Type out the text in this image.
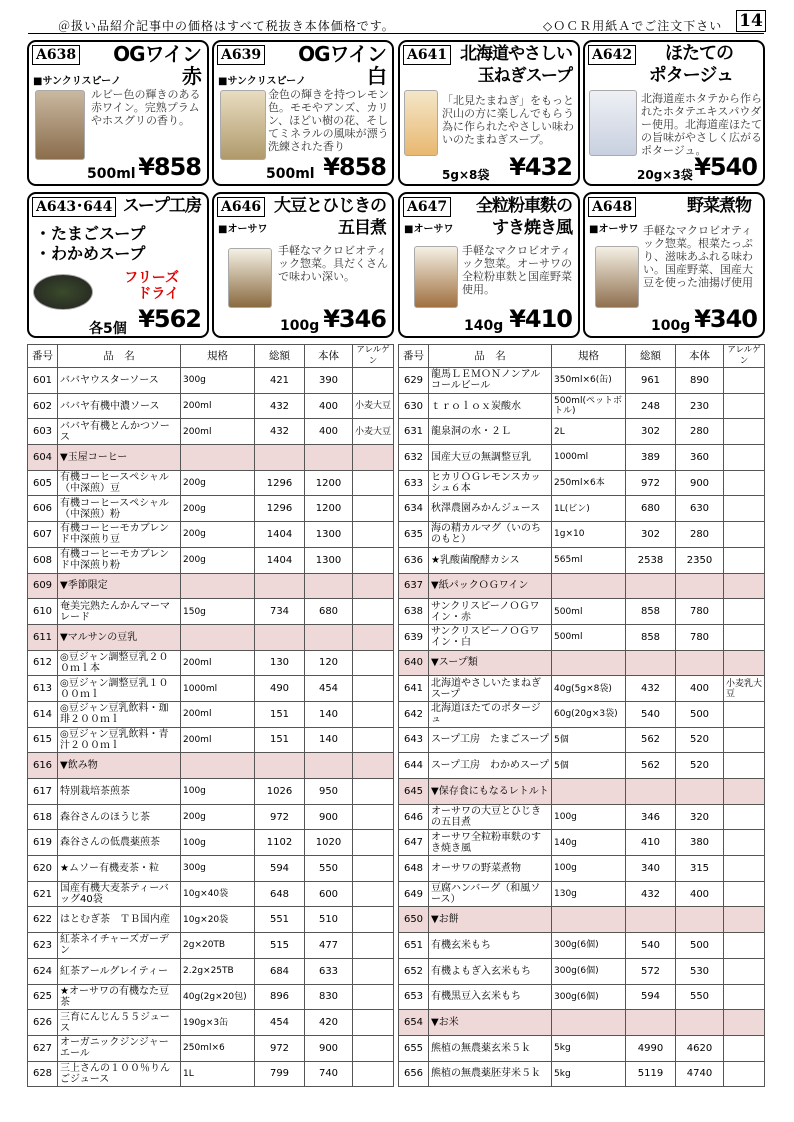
＠扱い品紹介記事中の価格はすべて税抜き本体価格です。	◇ＯＣＲ用紙Ａでご注文下さい 14
A638 OGワイン
赤
■サンクリスピーノ
ルビー色の輝きのある赤ワイン。完熟プラムやホスグリの香り。
500ml ¥858
A639 OGワイン
白
■サンクリスピーノ
金色の輝きを持つレモン色。モモやアンズ、カリン、ほどい樹の花、そしてミネラルの風味が漂う洗練された香り
500ml ¥858
A641 北海道やさしい
玉ねぎスープ
「北見たまねぎ」をもっと沢山の方に楽しんでもらう為に作られたやさしい味わいのたまねぎスープ。
5g×8袋 ¥432
A642	ほたての
ポタージュ
北海道産ホタテから作られたホタテエキスパウダー使用。北海道産ほたての旨味がやさしく広がるポタージュ。
20g×3袋 ¥540
A643･644 スープ工房
・たまごスープ
・わかめスープ
フリーズ
ドライ
各5個 ¥562
A646 大豆とひじきの
五目煮
■オーサワ
手軽なマクロビオティック惣菜。具だくさんで味わい深い。
100g ¥346
A647 全粒粉車麩の
すき焼き風
■オーサワ
手軽なマクロビオティック惣菜。オーサワの全粒粉車麩と国産野菜使用。
140g ¥410
A648	野菜煮物
■オーサワ 手軽なマクロビオティック惣菜。根菜たっぷり、滋味あふれる味わい。国産野菜、国産大豆を使った油揚げ使用
100g ¥340
番号	品　名	規格	総額	本体	アレルゲン
601	ババヤウスターソース	300g	421	390	
602	ババヤ有機中濃ソース	200ml	432	400	小麦大豆
603	ババヤ有機とんかつソース	200ml	432	400	小麦大豆
604	▼玉屋コーヒー				
605	有機コーヒースペシャル（中深煎）豆	200g	1296	1200	
606	有機コーヒースペシャル（中深煎）粉	200g	1296	1200	
607	有機コーヒーモカブレンド中深煎り豆	200g	1404	1300	
608	有機コーヒーモカブレンド中深煎り粉	200g	1404	1300	
609	▼季節限定				
610	奄美完熟たんかんマーマレード	150g	734	680	
611	▼マルサンの豆乳				
612	◎豆ジャン調整豆乳２００ｍｌ本	200ml	130	120	
613	◎豆ジャン調整豆乳１０００ｍｌ	1000ml	490	454	
614	◎豆ジャン豆乳飲料・珈琲２００ｍｌ	200ml	151	140	
615	◎豆ジャン豆乳飲料・青汁２００ｍｌ	200ml	151	140	
616	▼飲み物				
617	特別栽培茶煎茶	100g	1026	950	
618	森谷さんのほうじ茶	200g	972	900	
619	森谷さんの低農薬煎茶	100g	1102	1020	
620	★ムソー有機麦茶・粒	300g	594	550	
621	国産有機大麦茶ティーバッグ40袋	10g×40袋	648	600	
622	はとむぎ茶　ＴＢ国内産	10g×20袋	551	510	
623	紅茶ネイチャーズガーデン	2g×20TB	515	477	
624	紅茶アールグレイティー	2.2g×25TB	684	633	
625	★オーサワの有機なた豆茶	40g(2g×20包)	896	830	
626	三育にんじん５５ジュース	190g×3缶	454	420	
627	オーガニックジンジャーエール	250ml×6	972	900	
628	三上さんの１００％りんごジュース	1L	799	740	
番号	品　名	規格	総額	本体	アレルゲン
629	龍馬ＬＥＭＯＮノンアルコールビール	350ml×6(缶)	961	890	
630	ｔｒｏｌｏｘ炭酸水	500ml(ペットボトル)	248	230	
631	龍泉洞の水・２Ｌ	2L	302	280	
632	国産大豆の無調整豆乳	1000ml	389	360	
633	ヒカリＯＧレモンスカッシュ６本	250ml×6本	972	900	
634	秋澤農園みかんジュース	1L(ビン)	680	630	
635	海の精カルマグ（いのちのもと）	1g×10	302	280	
636	★乳酸菌醗酵カシス	565ml	2538	2350	
637	▼紙パックＯＧワイン				
638	サンクリスピーノＯＧワイン・赤	500ml	858	780	
639	サンクリスピーノＯＧワイン・白	500ml	858	780	
640	▼スープ類				
641	北海道やさしいたまねぎスープ	40g(5g×8袋)	432	400	小麦乳大豆
642	北海道ほたてのポタージュ	60g(20g×3袋)	540	500	
643	スープ工房　たまごスープ	5個	562	520	
644	スープ工房　わかめスープ	5個	562	520	
645	▼保存食にもなるレトルト				
646	オーサワの大豆とひじきの五目煮	100g	346	320	
647	オーサワ全粒粉車麩のすき焼き風	140g	410	380	
648	オーサワの野菜煮物	100g	340	315	
649	豆腐ハンバーグ（和風ソース）	130g	432	400	
650	▼お餅				
651	有機玄米もち	300g(6個)	540	500	
652	有機よもぎ入玄米もち	300g(6個)	572	530	
653	有機黒豆入玄米もち	300g(6個)	594	550	
654	▼お米				
655	熊植の無農薬玄米５ｋ	5kg	4990	4620	
656	熊植の無農薬胚芽米５ｋ	5kg	5119	4740	
